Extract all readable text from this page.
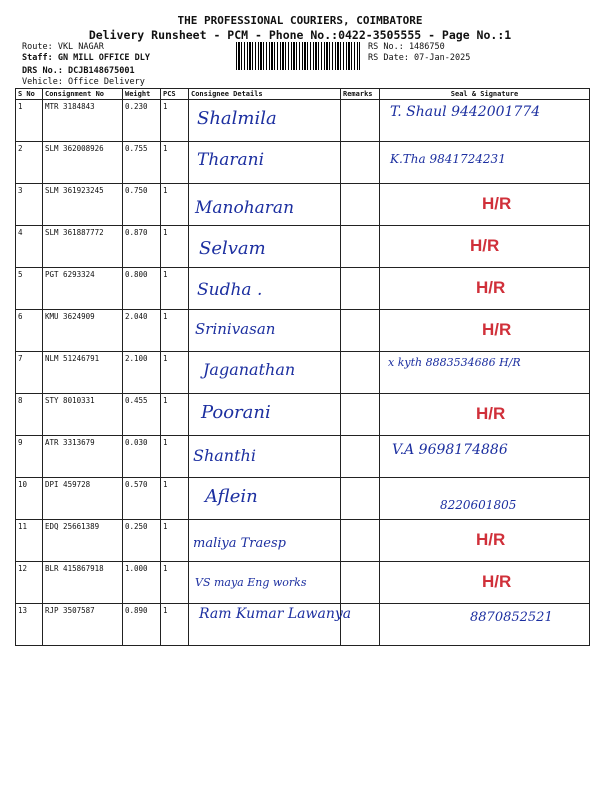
THE PROFESSIONAL COURIERS, COIMBATORE
Delivery Runsheet - PCM - Phone No.:0422-3505555 - Page No.:1
Route: VKL NAGAR
Staff: GN MILL OFFICE DLY
DRS No.: DCJB148675001
Vehicle: Office Delivery
RS No.: 1486750
RS Date: 07-Jan-2025
S No	Consignment No	Weight	PCS	Consignee Details	Remarks	Seal & Signature
1	MTR 3184843	0.230	1	Shalmila		T. Shaul 9442001774

2	SLM 362008926	0.755	1	Tharani		K.Tha 9841724231

3	SLM 361923245	0.750	1	Manoharan		H/R

4	SLM 361887772	0.870	1	Selvam		H/R

5	PGT 6293324	0.800	1	Sudha .		H/R

6	KMU 3624909	2.040	1	Srinivasan		H/R

7	NLM 51246791	2.100	1	Jaganathan		x kyth 8883534686 H/R

8	STY 8010331	0.455	1	Poorani		H/R

9	ATR 3313679	0.030	1	Shanthi		V.A 9698174886

10	DPI 459728	0.570	1	Aflein		8220601805

11	EDQ 25661389	0.250	1	maliya Traesp		H/R

12	BLR 415867918	1.000	1	VS maya Eng works		H/R

13	RJP 3507587	0.890	1	Ram Kumar Lawanya		8870852521
